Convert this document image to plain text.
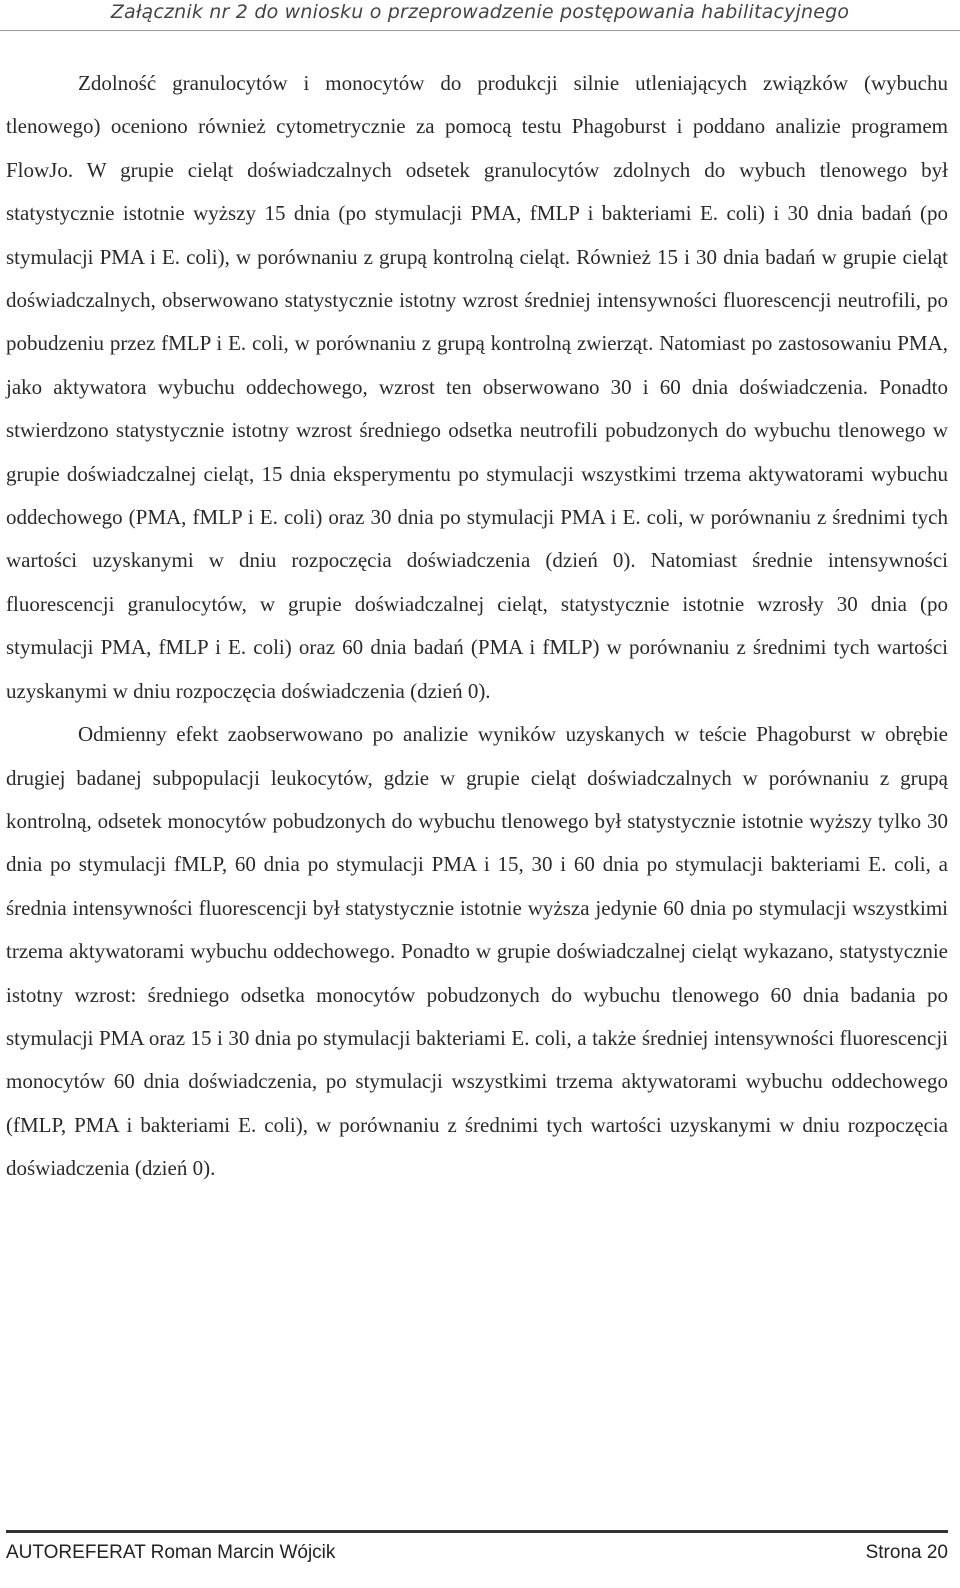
Załącznik nr 2 do wniosku o przeprowadzenie postępowania habilitacyjnego

Zdolność granulocytów i monocytów do produkcji silnie utleniających związków (wybuchu tlenowego) oceniono również cytometrycznie za pomocą testu Phagoburst i poddano analizie programem FlowJo. W grupie cieląt doświadczalnych odsetek granulocytów zdolnych do wybuch tlenowego był statystycznie istotnie wyższy 15 dnia (po stymulacji PMA, fMLP i bakteriami E. coli) i 30 dnia badań (po stymulacji PMA i E. coli), w porównaniu z grupą kontrolną cieląt. Również 15 i 30 dnia badań w grupie cieląt doświadczalnych, obserwowano statystycznie istotny wzrost średniej intensywności fluorescencji neutrofili, po pobudzeniu przez fMLP i E. coli, w porównaniu z grupą kontrolną zwierząt. Natomiast po zastosowaniu PMA, jako aktywatora wybuchu oddechowego, wzrost ten obserwowano 30 i 60 dnia doświadczenia. Ponadto stwierdzono statystycznie istotny wzrost średniego odsetka neutrofili pobudzonych do wybuchu tlenowego w grupie doświadczalnej cieląt, 15 dnia eksperymentu po stymulacji wszystkimi trzema aktywatorami wybuchu oddechowego (PMA, fMLP i E. coli) oraz 30 dnia po stymulacji PMA i E. coli, w porównaniu z średnimi tych wartości uzyskanymi w dniu rozpoczęcia doświadczenia (dzień 0). Natomiast średnie intensywności fluorescencji granulocytów, w grupie doświadczalnej cieląt, statystycznie istotnie wzrosły 30 dnia (po stymulacji PMA, fMLP i E. coli) oraz 60 dnia badań (PMA i fMLP) w porównaniu z średnimi tych wartości uzyskanymi w dniu rozpoczęcia doświadczenia (dzień 0).

Odmienny efekt zaobserwowano po analizie wyników uzyskanych w teście Phagoburst w obrębie drugiej badanej subpopulacji leukocytów, gdzie w grupie cieląt doświadczalnych w porównaniu z grupą kontrolną, odsetek monocytów pobudzonych do wybuchu tlenowego był statystycznie istotnie wyższy tylko 30 dnia po stymulacji fMLP, 60 dnia po stymulacji PMA i 15, 30 i 60 dnia po stymulacji bakteriami E. coli, a średnia intensywności fluorescencji był statystycznie istotnie wyższa jedynie 60 dnia po stymulacji wszystkimi trzema aktywatorami wybuchu oddechowego. Ponadto w grupie doświadczalnej cieląt wykazano, statystycznie istotny wzrost: średniego odsetka monocytów pobudzonych do wybuchu tlenowego 60 dnia badania po stymulacji PMA oraz 15 i 30 dnia po stymulacji bakteriami E. coli, a także średniej intensywności fluorescencji monocytów 60 dnia doświadczenia, po stymulacji wszystkimi trzema aktywatorami wybuchu oddechowego (fMLP, PMA i bakteriami E. coli), w porównaniu z średnimi tych wartości uzyskanymi w dniu rozpoczęcia doświadczenia (dzień 0).

AUTOREFERAT Roman Marcin Wójcik	Strona 20
